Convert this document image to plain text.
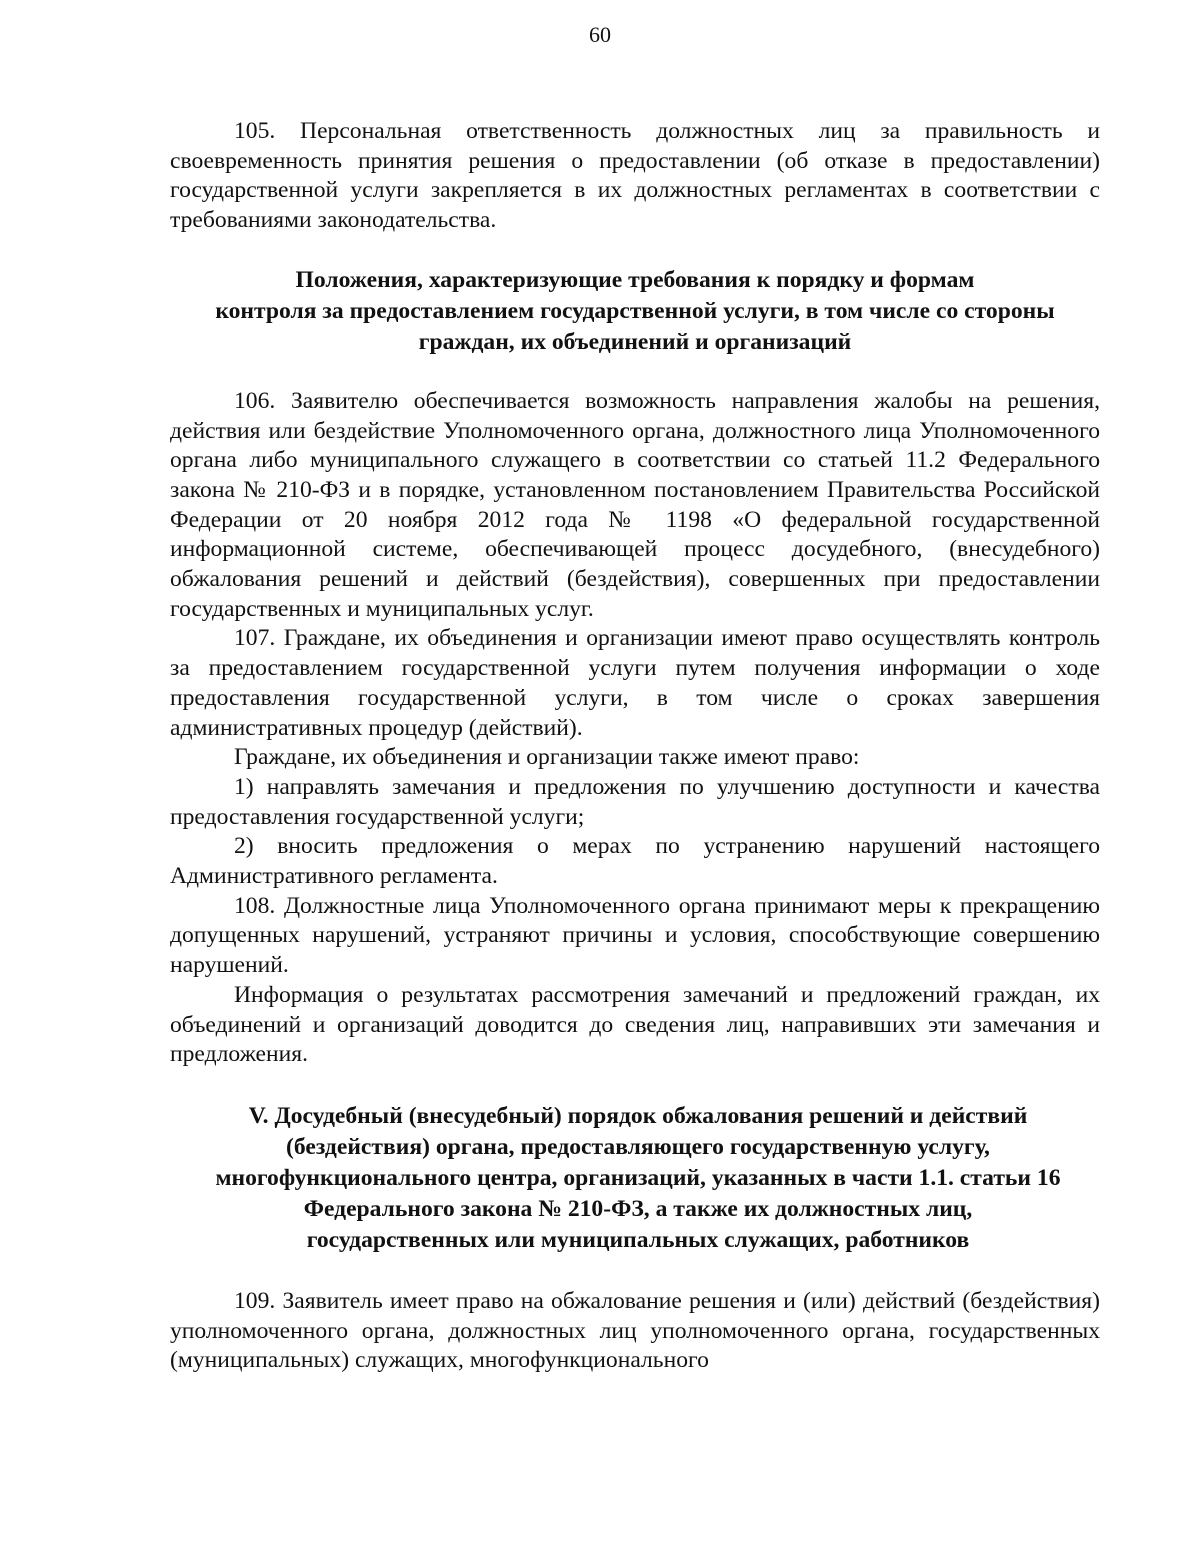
60

105. Персональная ответственность должностных лиц за правильность и своевременность принятия решения о предоставлении (об отказе в предоставлении) государственной услуги закрепляется в их должностных регламентах в соответствии с требованиями законодательства.

Положения, характеризующие требования к порядку и формам
контроля за предоставлением государственной услуги, в том числе со стороны
граждан, их объединений и организаций

106. Заявителю обеспечивается возможность направления жалобы на решения, действия или бездействие Уполномоченного органа, должностного лица Уполномоченного органа либо муниципального служащего в соответствии со статьей 11.2 Федерального закона № 210-ФЗ и в порядке, установленном постановлением Правительства Российской Федерации от 20 ноября 2012 года № 1198 «О федеральной государственной информационной системе, обеспечивающей процесс досудебного, (внесудебного) обжалования решений и действий (бездействия), совершенных при предоставлении государственных и муниципальных услуг.

107. Граждане, их объединения и организации имеют право осуществлять контроль за предоставлением государственной услуги путем получения информации о ходе предоставления государственной услуги, в том числе о сроках завершения административных процедур (действий).

Граждане, их объединения и организации также имеют право:

1) направлять замечания и предложения по улучшению доступности и качества предоставления государственной услуги;

2) вносить предложения о мерах по устранению нарушений настоящего Административного регламента.

108. Должностные лица Уполномоченного органа принимают меры к прекращению допущенных нарушений, устраняют причины и условия, способствующие совершению нарушений.

Информация о результатах рассмотрения замечаний и предложений граждан, их объединений и организаций доводится до сведения лиц, направивших эти замечания и предложения.

V. Досудебный (внесудебный) порядок обжалования решений и действий
(бездействия) органа, предоставляющего государственную услугу,
многофункционального центра, организаций, указанных в части 1.1. статьи 16
Федерального закона № 210-ФЗ, а также их должностных лиц,
государственных или муниципальных служащих, работников

109. Заявитель имеет право на обжалование решения и (или) действий (бездействия) уполномоченного органа, должностных лиц уполномоченного органа, государственных (муниципальных) служащих, многофункционального
